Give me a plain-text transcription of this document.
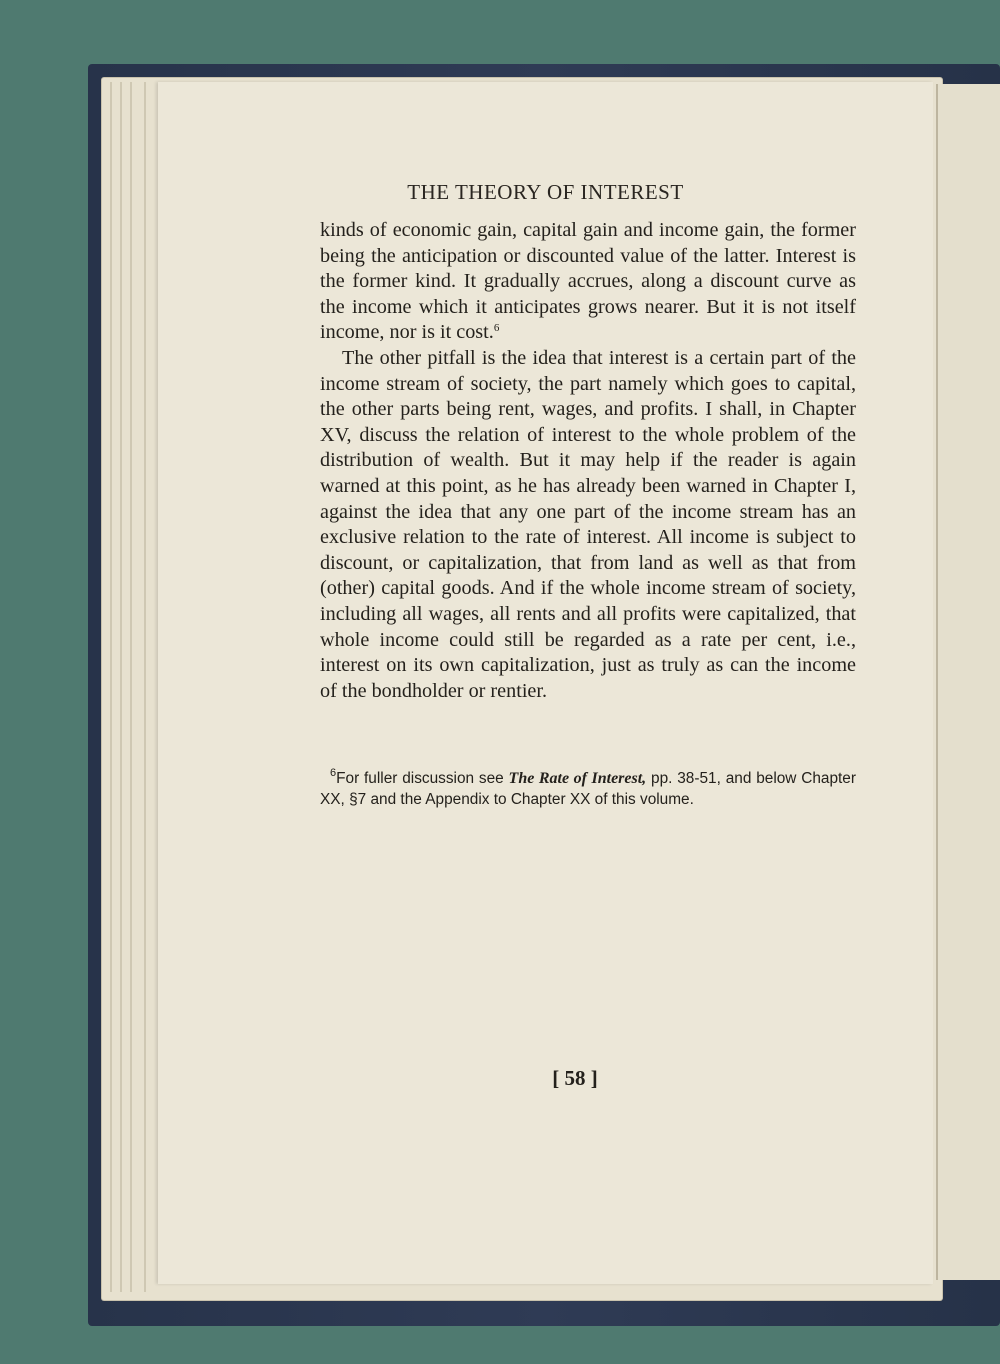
THE THEORY OF INTEREST

kinds of economic gain, capital gain and income gain, the former being the anticipation or discounted value of the latter. Interest is the former kind. It gradually accrues, along a discount curve as the income which it anticipates grows nearer. But it is not itself income, nor is it cost.$^6$

The other pitfall is the idea that interest is a certain part of the income stream of society, the part namely which goes to capital, the other parts being rent, wages, and profits. I shall, in Chapter XV, discuss the relation of interest to the whole problem of the distribution of wealth. But it may help if the reader is again warned at this point, as he has already been warned in Chapter I, against the idea that any one part of the income stream has an exclusive relation to the rate of interest. All income is subject to discount, or capitalization, that from land as well as that from (other) capital goods. And if the whole income stream of society, including all wages, all rents and all profits were capitalized, that whole income could still be regarded as a rate per cent, i.e., interest on its own capitalization, just as truly as can the income of the bondholder or rentier.

$^6$For fuller discussion see The Rate of Interest, pp. 38-51, and below Chapter XX, §7 and the Appendix to Chapter XX of this volume.
[ 58 ]
